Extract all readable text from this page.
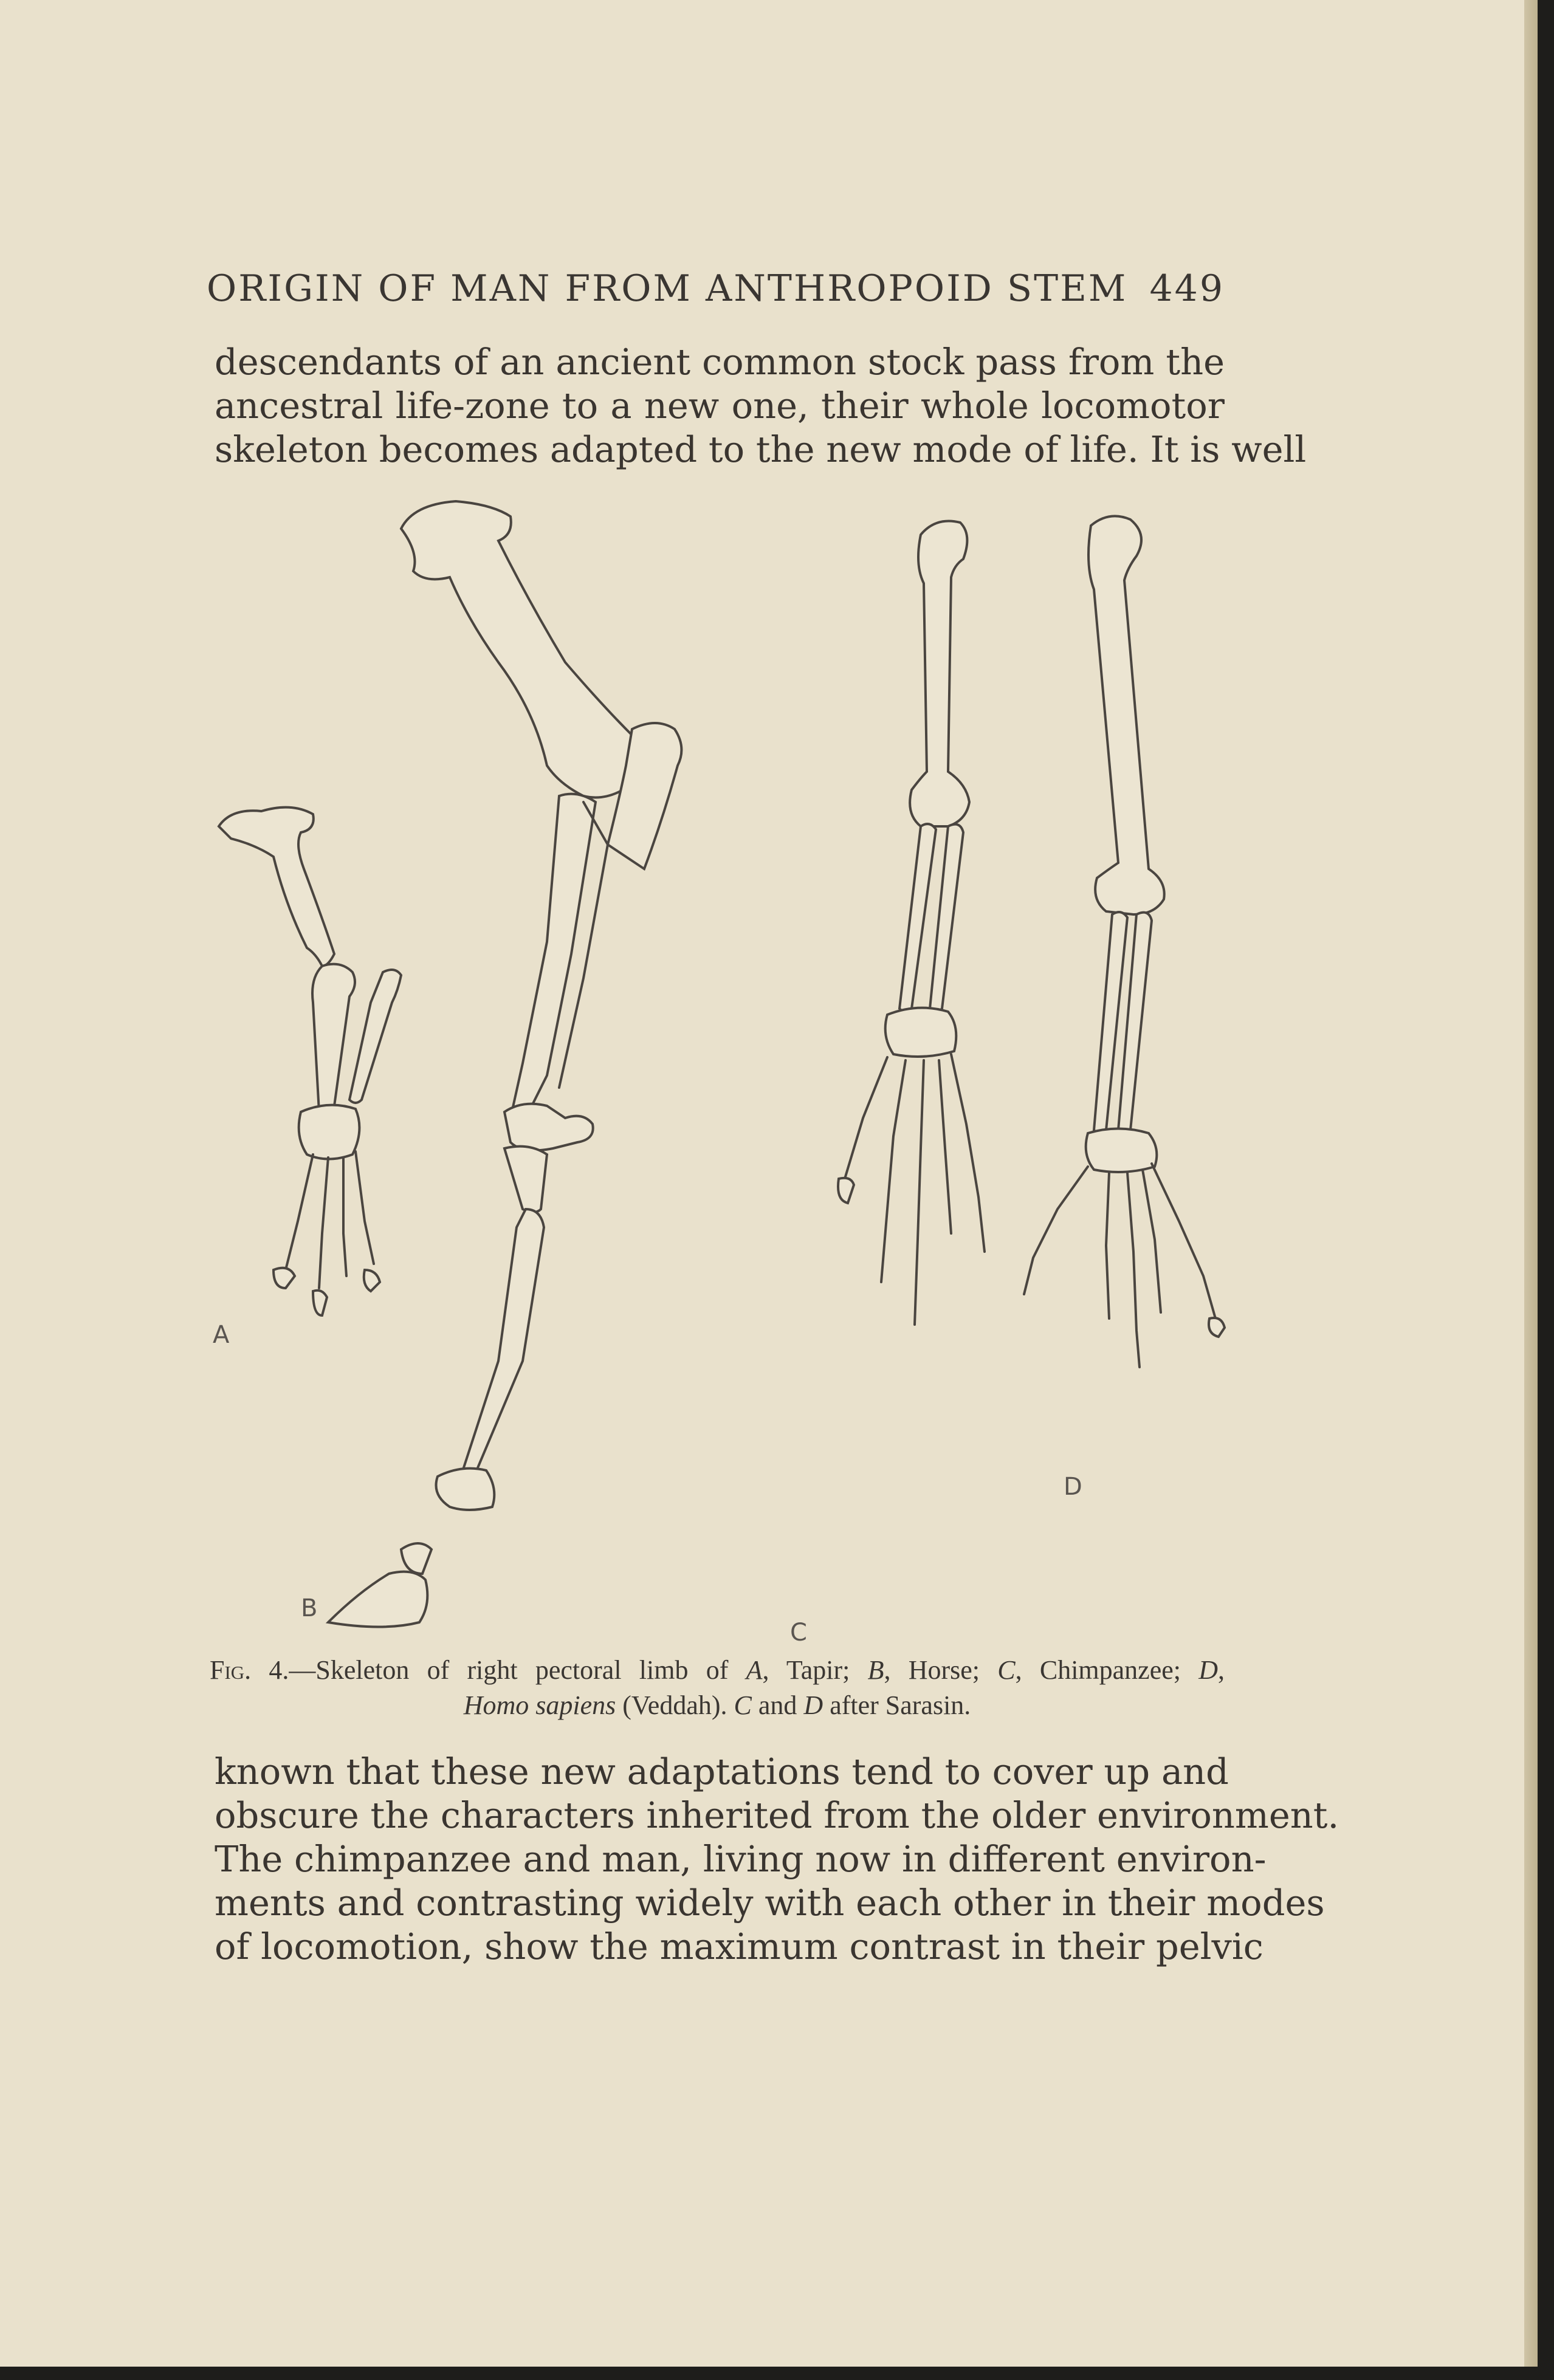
ORIGIN OF MAN FROM ANTHROPOID STEM 449
descendants of an ancient common stock pass from the
ancestral life-zone to a new one, their whole locomotor
skeleton becomes adapted to the new mode of life. It is well
A
B
C
D
Fig. 4.—Skeleton of right pectoral limb of A, Tapir; B, Horse; C, Chimpanzee; D,
Homo sapiens (Veddah). C and D after Sarasin.
known that these new adaptations tend to cover up and
obscure the characters inherited from the older environment.
The chimpanzee and man, living now in different environ-
ments and contrasting widely with each other in their modes
of locomotion, show the maximum contrast in their pelvic
